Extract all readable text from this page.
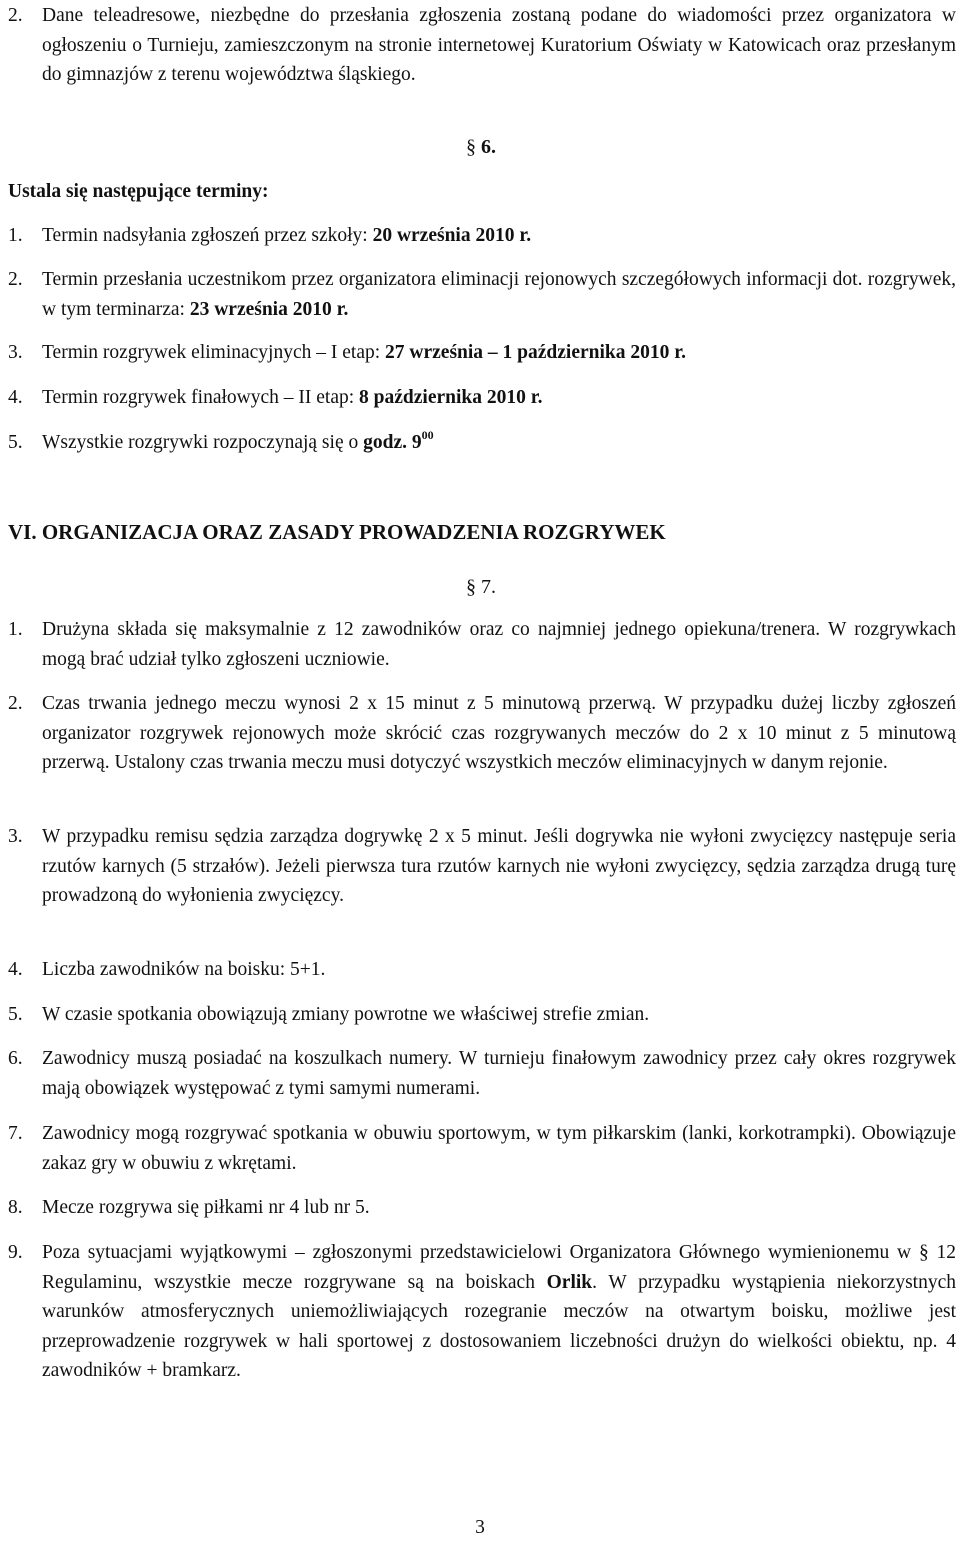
2. Dane teleadresowe, niezbędne do przesłania zgłoszenia zostaną podane do wiadomości przez organizatora w ogłoszeniu o Turnieju, zamieszczonym na stronie internetowej Kuratorium Oświaty w Katowicach oraz przesłanym do gimnazjów z terenu województwa śląskiego.
§ 6.
Ustala się następujące terminy:
1. Termin nadsyłania zgłoszeń przez szkoły: 20 września 2010 r.
2. Termin przesłania uczestnikom przez organizatora eliminacji rejonowych szczegółowych informacji dot. rozgrywek, w tym terminarza: 23 września 2010 r.
3. Termin rozgrywek eliminacyjnych – I etap: 27 września – 1 października 2010 r.
4. Termin rozgrywek finałowych – II etap: 8 października 2010 r.
5. Wszystkie rozgrywki rozpoczynają się o godz. $9^{00}$
VI. ORGANIZACJA ORAZ ZASADY PROWADZENIA ROZGRYWEK
§ 7.
1. Drużyna składa się maksymalnie z 12 zawodników oraz co najmniej jednego opiekuna/trenera. W rozgrywkach mogą brać udział tylko zgłoszeni uczniowie.
2. Czas trwania jednego meczu wynosi 2 x 15 minut z 5 minutową przerwą. W przypadku dużej liczby zgłoszeń organizator rozgrywek rejonowych może skrócić czas rozgrywanych meczów do 2 x 10 minut z 5 minutową przerwą. Ustalony czas trwania meczu musi dotyczyć wszystkich meczów eliminacyjnych w danym rejonie.
3. W przypadku remisu sędzia zarządza dogrywkę 2 x 5 minut. Jeśli dogrywka nie wyłoni zwycięzcy następuje seria rzutów karnych (5 strzałów). Jeżeli pierwsza tura rzutów karnych nie wyłoni zwycięzcy, sędzia zarządza drugą turę prowadzoną do wyłonienia zwycięzcy.
4. Liczba zawodników na boisku: 5+1.
5. W czasie spotkania obowiązują zmiany powrotne we właściwej strefie zmian.
6. Zawodnicy muszą posiadać na koszulkach numery. W turnieju finałowym zawodnicy przez cały okres rozgrywek mają obowiązek występować z tymi samymi numerami.
7. Zawodnicy mogą rozgrywać spotkania w obuwiu sportowym, w tym piłkarskim (lanki, korkotrampki). Obowiązuje zakaz gry w obuwiu z wkrętami.
8. Mecze rozgrywa się piłkami nr 4 lub nr 5.
9. Poza sytuacjami wyjątkowymi – zgłoszonymi przedstawicielowi Organizatora Głównego wymienionemu w § 12 Regulaminu, wszystkie mecze rozgrywane są na boiskach Orlik. W przypadku wystąpienia niekorzystnych warunków atmosferycznych uniemożliwiających rozegranie meczów na otwartym boisku, możliwe jest przeprowadzenie rozgrywek w hali sportowej z dostosowaniem liczebności drużyn do wielkości obiektu, np. 4 zawodników + bramkarz.
3
